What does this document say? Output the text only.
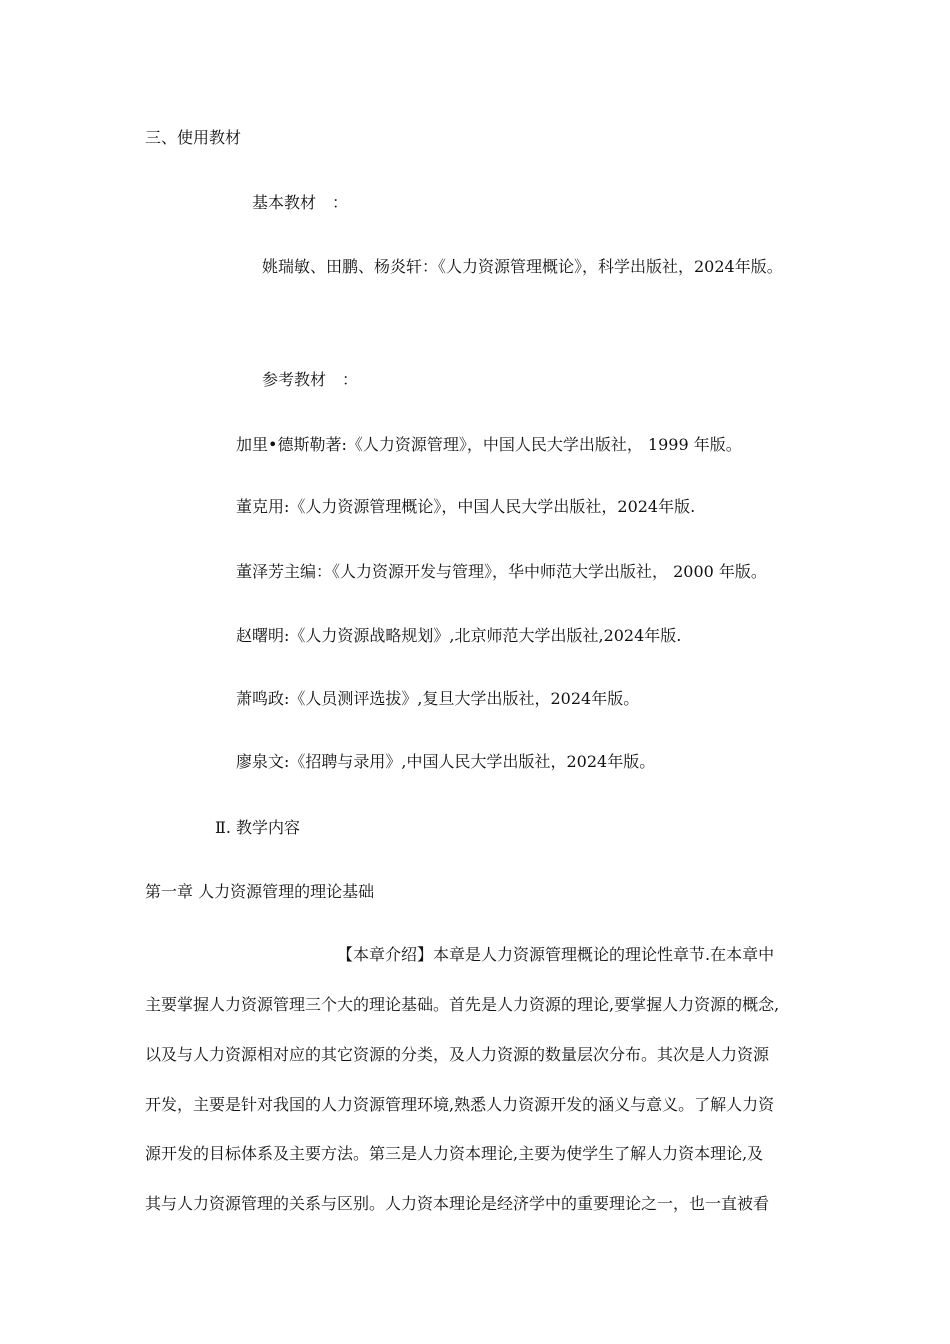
三、使用教材
基本教材　：
姚瑞敏、田鹏、杨炎轩：《人力资源管理概论》，科学出版社，2024年版。
参考教材　：
加里•德斯勒著:《人力资源管理》，中国人民大学出版社， 1999 年版。
董克用:《人力资源管理概论》，中国人民大学出版社，2024年版.
董泽芳主编：《人力资源开发与管理》，华中师范大学出版社， 2000 年版。
赵曙明:《人力资源战略规划》,北京师范大学出版社,2024年版.
萧鸣政:《人员测评选拔》,复旦大学出版社，2024年版。
廖泉文:《招聘与录用》,中国人民大学出版社，2024年版。
Ⅱ. 教学内容
第一章 人力资源管理的理论基础
【本章介绍】本章是人力资源管理概论的理论性章节.在本章中
主要掌握人力资源管理三个大的理论基础。首先是人力资源的理论,要掌握人力资源的概念,
以及与人力资源相对应的其它资源的分类，及人力资源的数量层次分布。其次是人力资源
开发，主要是针对我国的人力资源管理环境,熟悉人力资源开发的涵义与意义。了解人力资
源开发的目标体系及主要方法。第三是人力资本理论,主要为使学生了解人力资本理论,及
其与人力资源管理的关系与区别。人力资本理论是经济学中的重要理论之一，也一直被看
